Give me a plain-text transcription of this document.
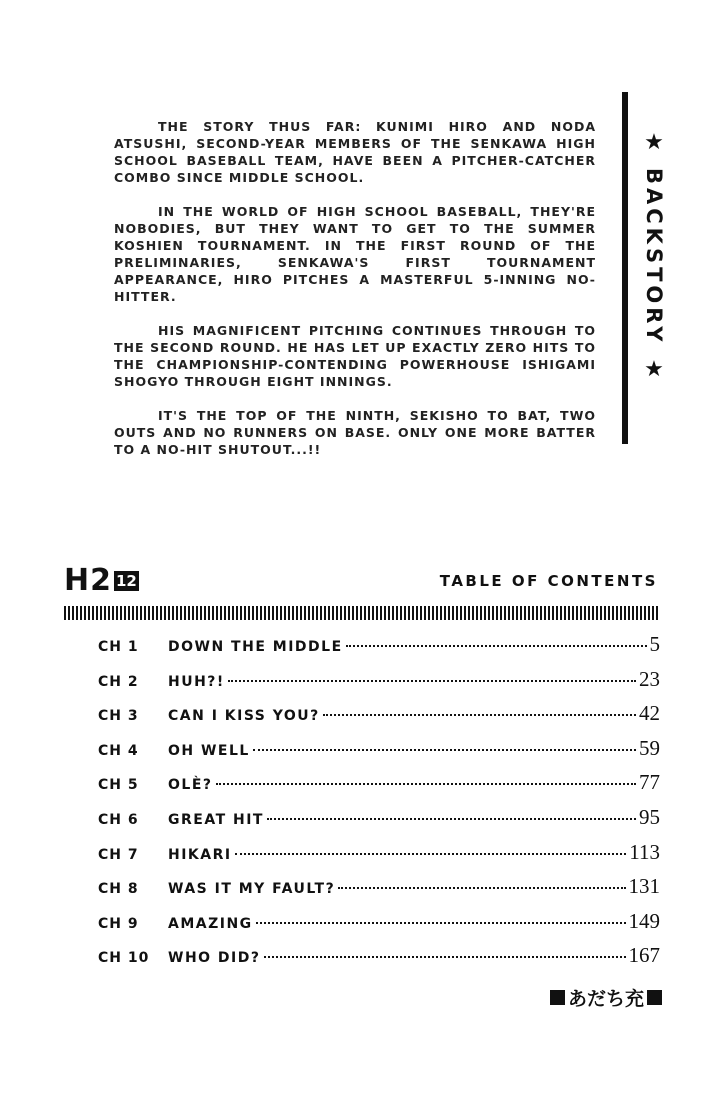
THE STORY THUS FAR: KUNIMI HIRO AND NODA ATSUSHI, SECOND-YEAR MEMBERS OF THE SENKAWA HIGH SCHOOL BASEBALL TEAM, HAVE BEEN A PITCHER-CATCHER COMBO SINCE MIDDLE SCHOOL.

IN THE WORLD OF HIGH SCHOOL BASEBALL, THEY'RE NOBODIES, BUT THEY WANT TO GET TO THE SUMMER KOSHIEN TOURNAMENT. IN THE FIRST ROUND OF THE PRELIMINARIES, SENKAWA'S FIRST TOURNAMENT APPEARANCE, HIRO PITCHES A MASTERFUL 5-INNING NO-HITTER.

HIS MAGNIFICENT PITCHING CONTINUES THROUGH TO THE SECOND ROUND. HE HAS LET UP EXACTLY ZERO HITS TO THE CHAMPIONSHIP-CONTENDING POWERHOUSE ISHIGAMI SHOGYO THROUGH EIGHT INNINGS.

IT'S THE TOP OF THE NINTH, SEKISHO TO BAT, TWO OUTS AND NO RUNNERS ON BASE. ONLY ONE MORE BATTER TO A NO-HIT SHUTOUT...!!

★
BACKSTORY
★
H2 12	TABLE OF CONTENTS
CH 1	DOWN THE MIDDLE	5
CH 2	HUH?!	23
CH 3	CAN I KISS YOU?	42
CH 4	OH WELL	59
CH 5	OLÈ?	77
CH 6	GREAT HIT	95
CH 7	HIKARI	113
CH 8	WAS IT MY FAULT?	131
CH 9	AMAZING	149
CH 10	WHO DID?	167
あだち充
